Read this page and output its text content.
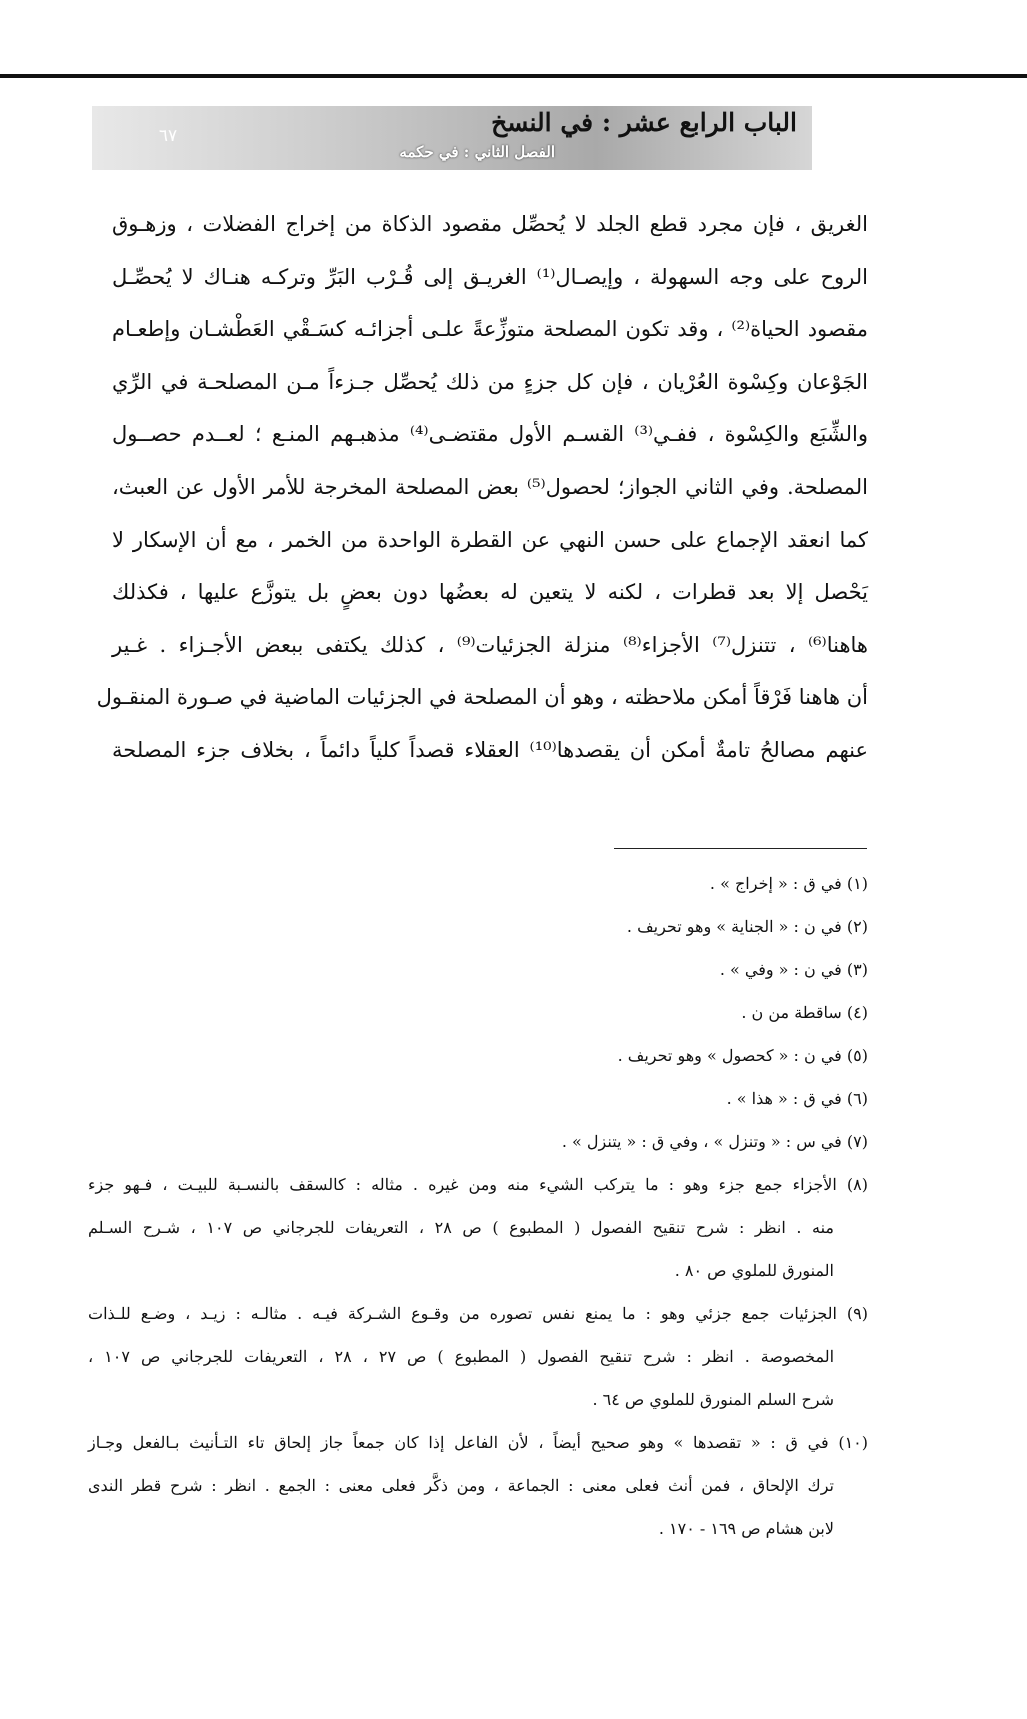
٦٧	الباب الرابع عشر : في النسخ
الفصل الثاني : في حكمه
الغريق ، فإن مجرد قطع الجلد لا يُحصِّل مقصود الذكاة من إخراج الفضلات ، وزهـوق
الروح على وجه السهولة ، وإيصـال⁽¹⁾ الغريـق إلى قُـرْب البَرِّ وتركـه هنـاك لا يُحصِّـل
مقصود الحياة⁽²⁾ ، وقد تكون المصلحة متوزِّعةً علـى أجزائـه كسَـقْي العَطْشـان وإطعـام
الجَوْعان وكِسْوة العُرْيان ، فإن كل جزءٍ من ذلك يُحصِّل جـزءاً مـن المصلحـة في الرِّي
والشِّبَع والكِسْوة ، ففـي⁽³⁾ القسـم الأول مقتضـى⁽⁴⁾ مذهبـهم المنـع ؛ لعــدم حصــول
المصلحة. وفي الثاني الجواز؛ لحصول⁽⁵⁾ بعض المصلحة المخرجة للأمر الأول عن العبث،
كما انعقد الإجماع على حسن النهي عن القطرة الواحدة من الخمر ، مع أن الإسكار لا
يَحْصل إلا بعد قطرات ، لكنه لا يتعين له بعضُها دون بعضٍ بل يتوزَّع عليها ، فكذلك
هاهنا⁽⁶⁾ ، تتنزل⁽⁷⁾ الأجزاء⁽⁸⁾ منزلة الجزئيات⁽⁹⁾ ، كذلك يكتفى ببعض الأجـزاء . غـير
أن هاهنا فَرْقاً أمكن ملاحظته ، وهو أن المصلحة في الجزئيات الماضية في صـورة المنقـول
عنهم مصالحُ تامةٌ أمكن أن يقصدها⁽¹⁰⁾ العقلاء قصداً كلياً دائماً ، بخلاف جزء المصلحة
(١) في ق : « إخراج » .
(٢) في ن : « الجناية » وهو تحريف .
(٣) في ن : « وفي » .
(٤) ساقطة من ن .
(٥) في ن : « كحصول » وهو تحريف .
(٦) في ق : « هذا » .
(٧) في س : « وتنزل » ، وفي ق : « يتنزل » .
(٨) الأجزاء جمع جزء وهو : ما يتركب الشيء منه ومن غيره . مثاله : كالسقف بالنسـبة للبيـت ، فـهو جزء
منه . انظر : شرح تنقيح الفصول ( المطبوع ) ص ٢٨ ، التعريفات للجرجاني ص ١٠٧ ، شـرح السـلم
المنورق للملوي ص ٨٠ .
(٩) الجزئيات جمع جزئي وهو : ما يمنع نفس تصوره من وقـوع الشـركة فيـه . مثالـه : زيـد ، وضـع للـذات
المخصوصة . انظر : شرح تنقيح الفصول ( المطبوع ) ص ٢٧ ، ٢٨ ، التعريفات للجرجاني ص ١٠٧ ،
شرح السلم المنورق للملوي ص ٦٤ .
(١٠) في ق : « تقصدها » وهو صحيح أيضاً ، لأن الفاعل إذا كان جمعاً جاز إلحاق تاء التـأنيث بـالفعل وجـاز
ترك الإلحاق ، فمن أنث فعلى معنى : الجماعة ، ومن ذكَّر فعلى معنى : الجمع . انظر : شرح قطر الندى
لابن هشام ص ١٦٩ - ١٧٠ .
